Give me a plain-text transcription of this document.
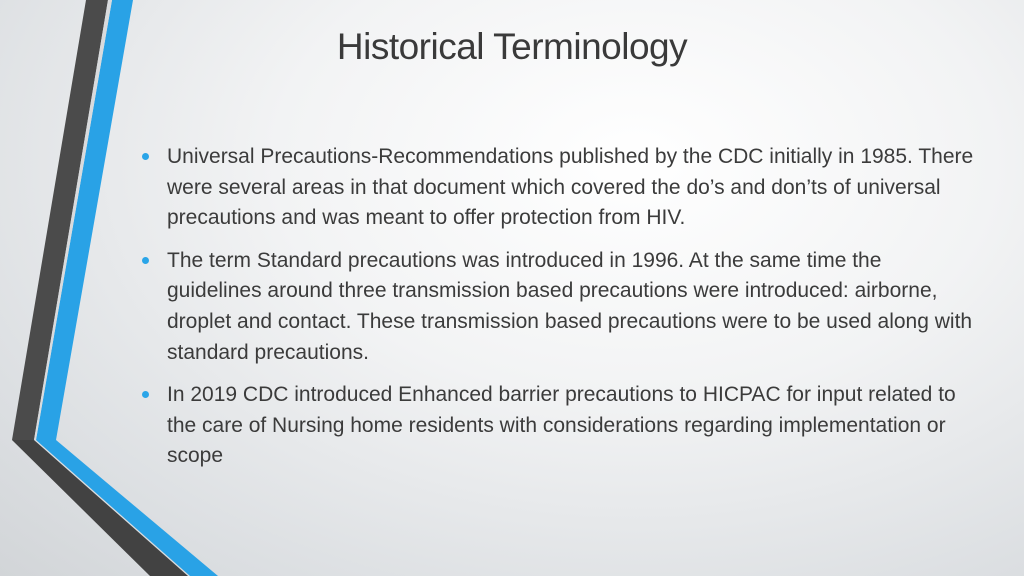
Historical Terminology
Universal Precautions-Recommendations published by the CDC initially in 1985. There were several areas in that document which covered the do’s and don’ts of universal precautions and was meant to offer protection from HIV.
The term Standard precautions was introduced in 1996. At the same time the guidelines around three transmission based precautions were introduced: airborne, droplet and contact. These transmission based precautions were to be used along with standard precautions.
In 2019 CDC introduced Enhanced barrier precautions to HICPAC for input related to the care of Nursing home residents with considerations regarding implementation or scope
